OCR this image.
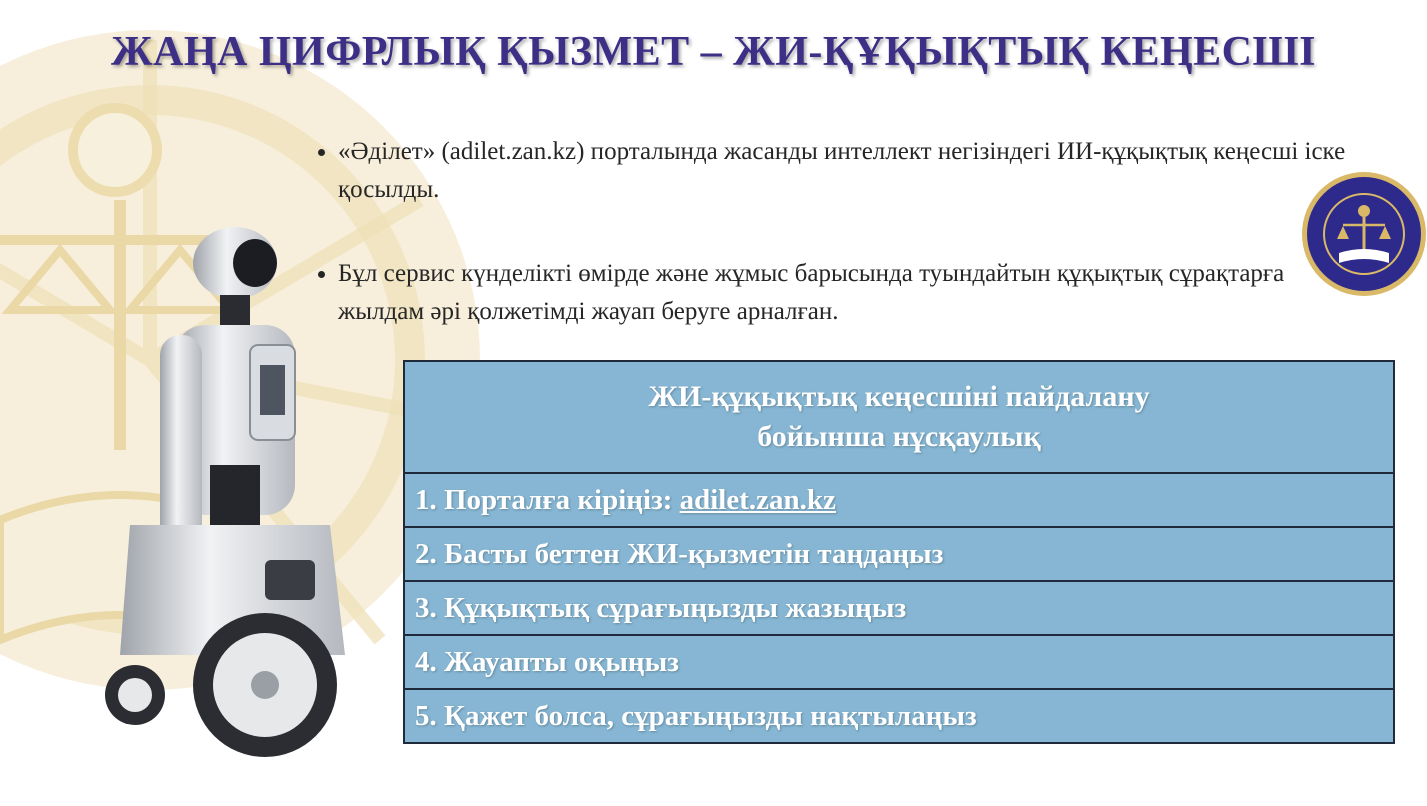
ЖАҢА ЦИФРЛЫҚ ҚЫЗМЕТ – ЖИ-ҚҰҚЫҚТЫҚ КЕҢЕСШІ
• «Әділет» (adilet.zan.kz) порталында жасанды интеллект негізіндегі ИИ-құқықтық кеңесші іске қосылды.
• Бұл сервис күнделікті өмірде және жұмыс барысында туындайтын құқықтық сұрақтарға жылдам әрі қолжетімді жауап беруге арналған.
ЖИ-құқықтық кеңесшіні пайдалану
бойынша нұсқаулық
1. Порталға кіріңіз: adilet.zan.kz
2. Басты беттен ЖИ-қызметін таңдаңыз
3. Құқықтық сұрағыңызды жазыңыз
4. Жауапты оқыңыз
5. Қажет болса, сұрағыңызды нақтылаңыз
